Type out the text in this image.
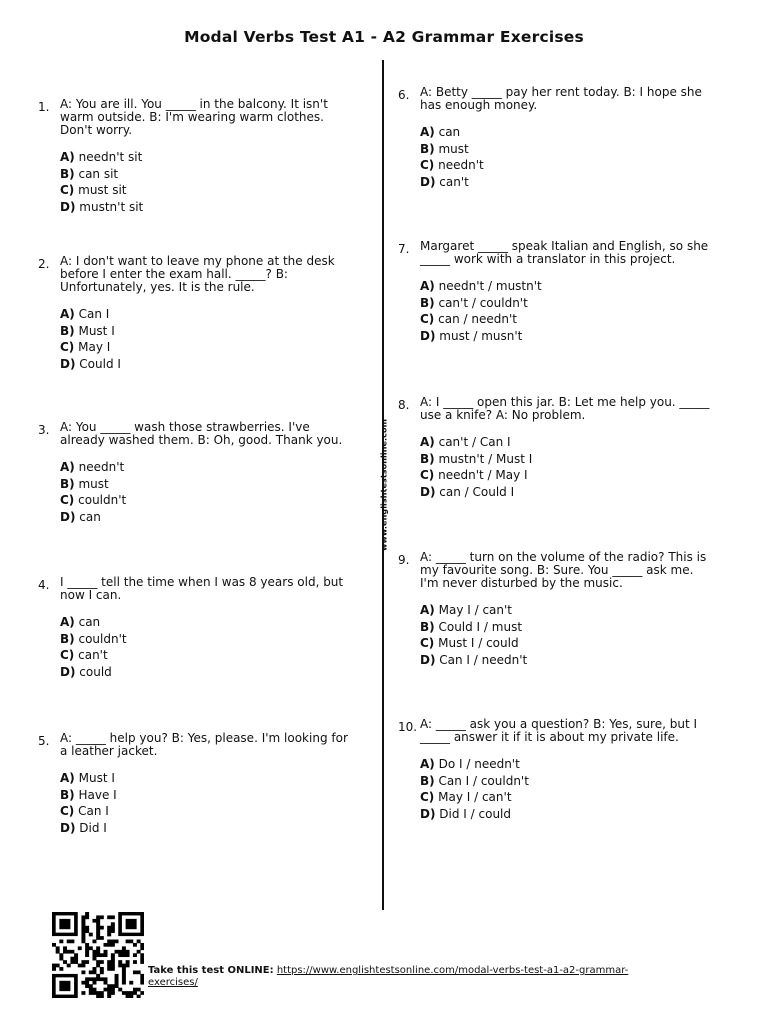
Modal Verbs Test A1 - A2 Grammar Exercises
www.englishtestsonline.com
1. A: You are ill. You _____ in the balcony. It isn't warm outside. B: I'm wearing warm clothes. Don't worry.
A) needn't sit
B) can sit
C) must sit
D) mustn't sit
2. A: I don't want to leave my phone at the desk before I enter the exam hall. _____? B: Unfortunately, yes. It is the rule.
A) Can I
B) Must I
C) May I
D) Could I
3. A: You _____ wash those strawberries. I've already washed them. B: Oh, good. Thank you.
A) needn't
B) must
C) couldn't
D) can
4. I _____ tell the time when I was 8 years old, but now I can.
A) can
B) couldn't
C) can't
D) could
5. A: _____ help you? B: Yes, please. I'm looking for a leather jacket.
A) Must I
B) Have I
C) Can I
D) Did I
6. A: Betty _____ pay her rent today. B: I hope she has enough money.
A) can
B) must
C) needn't
D) can't
7. Margaret _____ speak Italian and English, so she _____ work with a translator in this project.
A) needn't / mustn't
B) can't / couldn't
C) can / needn't
D) must / musn't
8. A: I _____ open this jar. B: Let me help you. _____ use a knife? A: No problem.
A) can't / Can I
B) mustn't / Must I
C) needn't / May I
D) can / Could I
9. A: _____ turn on the volume of the radio? This is my favourite song. B: Sure. You _____ ask me. I'm never disturbed by the music.
A) May I / can't
B) Could I / must
C) Must I / could
D) Can I / needn't
10. A: _____ ask you a question? B: Yes, sure, but I _____ answer it if it is about my private life.
A) Do I / needn't
B) Can I / couldn't
C) May I / can't
D) Did I / could
Take this test ONLINE: https://www.englishtestsonline.com/modal-verbs-test-a1-a2-grammar-exercises/
